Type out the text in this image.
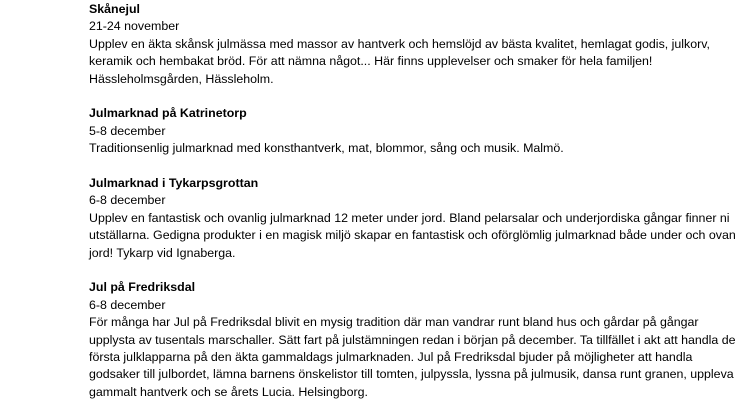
Skånejul

21-24 november

Upplev en äkta skånsk julmässa med massor av hantverk och hemslöjd av bästa kvalitet, hemlagat godis, julkorv, keramik och hembakat bröd. För att nämna något... Här finns upplevelser och smaker för hela familjen! Hässleholmsgården, Hässleholm.

Julmarknad på Katrinetorp

5-8 december

Traditionsenlig julmarknad med konsthantverk, mat, blommor, sång och musik. Malmö.

Julmarknad i Tykarpsgrottan

6-8 december

Upplev en fantastisk och ovanlig julmarknad 12 meter under jord. Bland pelarsalar och underjordiska gångar finner ni utställarna. Gedigna produkter i en magisk miljö skapar en fantastisk och oförglömlig julmarknad både under och ovan jord! Tykarp vid Ignaberga.

Jul på Fredriksdal

6-8 december

För många har Jul på Fredriksdal blivit en mysig tradition där man vandrar runt bland hus och gårdar på gångar upplysta av tusentals marschaller. Sätt fart på julstämningen redan i början på december. Ta tillfället i akt att handla de första julklapparna på den äkta gammaldags julmarknaden. Jul på Fredriksdal bjuder på möjligheter att handla godsaker till julbordet, lämna barnens önskelistor till tomten, julpyssla, lyssna på julmusik, dansa runt granen, uppleva gammalt hantverk och se årets Lucia. Helsingborg.
